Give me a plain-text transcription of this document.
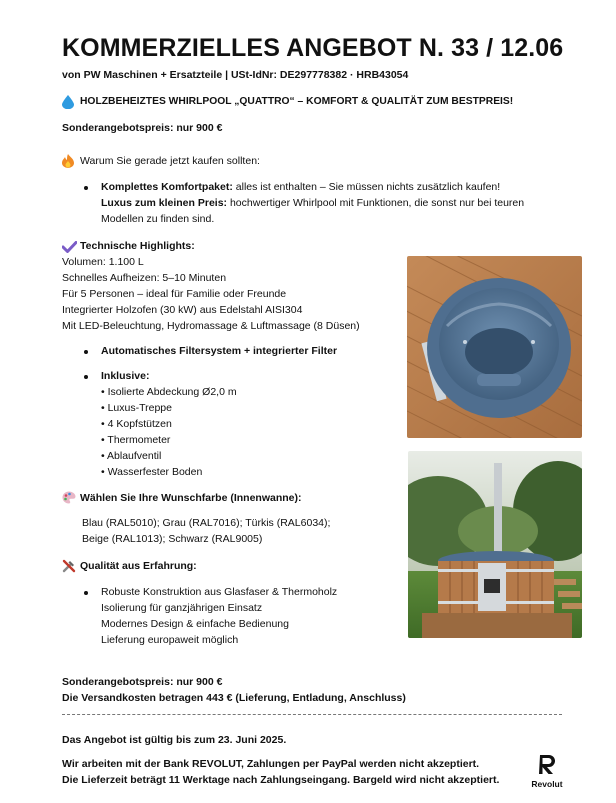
KOMMERZIELLES ANGEBOT N. 33 / 12.06
von PW Maschinen + Ersatzteile | USt-IdNr: DE297778382 · HRB43054
HOLZBEHEIZTES WHIRLPOOL „QUATTRO“ – KOMFORT & QUALITÄT ZUM BESTPREIS!
Sonderangebotspreis: nur 900 €
Warum Sie gerade jetzt kaufen sollten:
Komplettes Komfortpaket: alles ist enthalten – Sie müssen nichts zusätzlich kaufen!
Luxus zum kleinen Preis: hochwertiger Whirlpool mit Funktionen, die sonst nur bei teuren
Modellen zu finden sind.
Technische Highlights:
Volumen: 1.100 L
Schnelles Aufheizen: 5–10 Minuten
Für 5 Personen – ideal für Familie oder Freunde
Integrierter Holzofen (30 kW) aus Edelstahl AISI304
Mit LED-Beleuchtung, Hydromassage & Luftmassage (8 Düsen)
Automatisches Filtersystem + integrierter Filter
Inklusive:
• Isolierte Abdeckung Ø2,0 m
• Luxus-Treppe
• 4 Kopfstützen
• Thermometer
• Ablaufventil
• Wasserfester Boden
Wählen Sie Ihre Wunschfarbe (Innenwanne):
Blau (RAL5010); Grau (RAL7016); Türkis (RAL6034);
Beige (RAL1013); Schwarz (RAL9005)
Qualität aus Erfahrung:
Robuste Konstruktion aus Glasfaser & Thermoholz
Isolierung für ganzjährigen Einsatz
Modernes Design & einfache Bedienung
Lieferung europaweit möglich
Sonderangebotspreis: nur 900 €
Die Versandkosten betragen 443 € (Lieferung, Entladung, Anschluss)
Das Angebot ist gültig bis zum 23. Juni 2025.
Wir arbeiten mit der Bank REVOLUT, Zahlungen per PayPal werden nicht akzeptiert.
Die Lieferzeit beträgt 11 Werktage nach Zahlungseingang. Bargeld wird nicht akzeptiert.	Revolut
